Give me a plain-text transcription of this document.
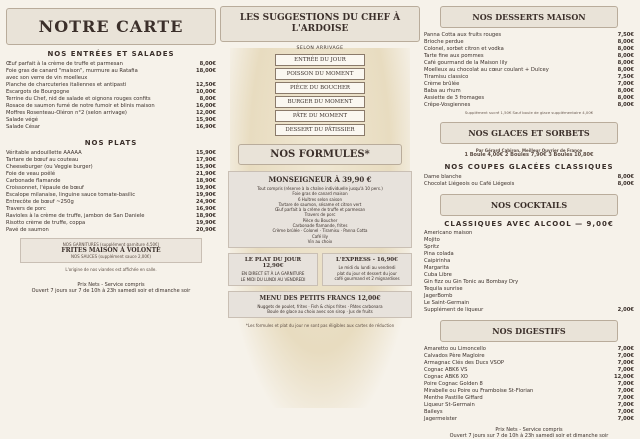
NOTRE CARTE
NOS ENTRÉES ET SALADES
Œuf parfait à la crème de truffe et parmesan	8,00€
Foie gras de canard "maison", murmure au Ratafia	18,00€
avec son verre de vin moelleux
Planche de charcuteries italiennes et antipasti	12,50€
Escargots de Bourgogne	10,00€
Terrine du Chef, nid de salade et oignons rouges confits	8,00€
Rosace de saumon fumé de notre fumoir et blinis maison	16,00€
Moffres Rosenteau-Oléron n°2 (selon arrivage)	12,00€
Salade végé	15,90€
Salade César	16,90€
NOS PLATS
Véritable andouillette AAAAA	15,90€
Tartare de bœuf au couteau	17,90€
Cheeseburger (ou Veggie burger)	15,90€
Foie de veau poêlé	21,90€
Carbonade flamande	18,90€
Croissonnet, l'épaule de bœuf	19,90€
Escalope milanaise, linguine sauce tomate-basilic	19,90€
Entrecôte de bœuf ~250g	24,90€
Travers de porc	16,90€
Ravioles à la crème de truffe, jambon de San Daniele	18,90€
Risotto crème de truffe, coppa	19,90€
Pavé de saumon	20,90€
NOS GARNITURES (supplément garniture 4,50€)
FRITES MAISON À VOLONTÉ
NOS SAUCES (supplément sauce 2,00€)
L'origine de nos viandes est affichée en salle.
Prix Nets - Service compris
Ouvert 7 jours sur 7 de 10h à 23h samedi soir et dimanche soir
LES SUGGESTIONS DU CHEF À L'ARDOISE
SELON ARRIVAGE
ENTRÉE DU JOUR
POISSON DU MOMENT
PIÈCE DU BOUCHER
BURGER DU MOMENT
PÂTE DU MOMENT
DESSERT DU PÂTISSIER
NOS FORMULES*
MONSEIGNEUR À 39,90 €
Tout compris (réserve à la chaîne individuelle jusqu'à 10 pers.)
Foie gras de canard maison
6 Huîtres selon saison
Tartare de saumon, sésame et citron vert
Œuf parfait à la crème de truffe et parmesan
Travers de porc
Pièce du Boucher
Carbonade flamande, frites
Crème brûlée · Colonel · Tiramisu · Panna Cotta
Café lily
Vin au choix
LE PLAT DU JOUR 12,90€
EN DIRECT ET À LA GARNITURE
LE MIDI DU LUNDI AU VENDREDI
L'EXPRESS - 16,90€
Le midi du lundi au vendredi
plat du jour et dessert du jour
café gourmand et 2 mignardises
MENU DES PETITS FRANCS 12,00€
Nuggets de poulet, frites · Fish & chips frites · Pâtes carbonara
Boule de glace au choix avec son sirop · Jus de fruits
*Les formules et plat du jour ne sont pas éligibles aux cartes de réduction
NOS DESSERTS MAISON
Panna Cotta aux fruits rouges	7,50€
Brioche perdue	8,00€
Colonel, sorbet citron et vodka	8,00€
Tarte fine aux pommes	8,00€
Café gourmand de la Maison lily	8,00€
Moelleux au chocolat au cœur coulant + Dulcey	8,00€
Tiramisu classico	7,50€
Crème brûlée	7,00€
Baba au rhum	8,00€
Assiette de 3 fromages	8,00€
Crêpe-Vosgiennes	8,00€
Supplément sucré 1,50€ Sauf boule de glace supplémentaire 4,00€
NOS GLACES ET SORBETS
Par Gérard Cabiron, Meilleur Ouvrier de France
1 Boule 4,00€ 2 Boules 7,90€ 3 Boules 10,80€
NOS COUPES GLACÉES CLASSIQUES
Dame blanche	8,00€
Chocolat Liégeois ou Café Liégeois	8,00€
NOS COCKTAILS
CLASSIQUES AVEC ALCOOL — 9,00€
Americano maison
Mojito
Spritz
Pina colada
Caipirinha
Margarita
Cuba Libre
Gin fizz ou Gin Tonic au Bombay Dry
Tequila sunrise
JagerBomb
Le Saint-Germain
Supplément de liqueur	2,00€
NOS DIGESTIFS
Amaretto ou Limoncello	7,00€
Calvados Père Magloire	7,00€
Armagnac Clés des Ducs VSOP	7,00€
Cognac ABK6 VS	7,00€
Cognac ABK6 XO	12,00€
Poire Cognac Golden 8	7,00€
Mirabelle ou Poire ou Framboise St-Florian	7,00€
Menthe Pastille Giffard	7,00€
Liqueur St-Germain	7,00€
Baileys	7,00€
Jagermeister	7,00€
Prix Nets - Service compris
Ouvert 7 jours sur 7 de 10h à 23h samedi soir et dimanche soir
